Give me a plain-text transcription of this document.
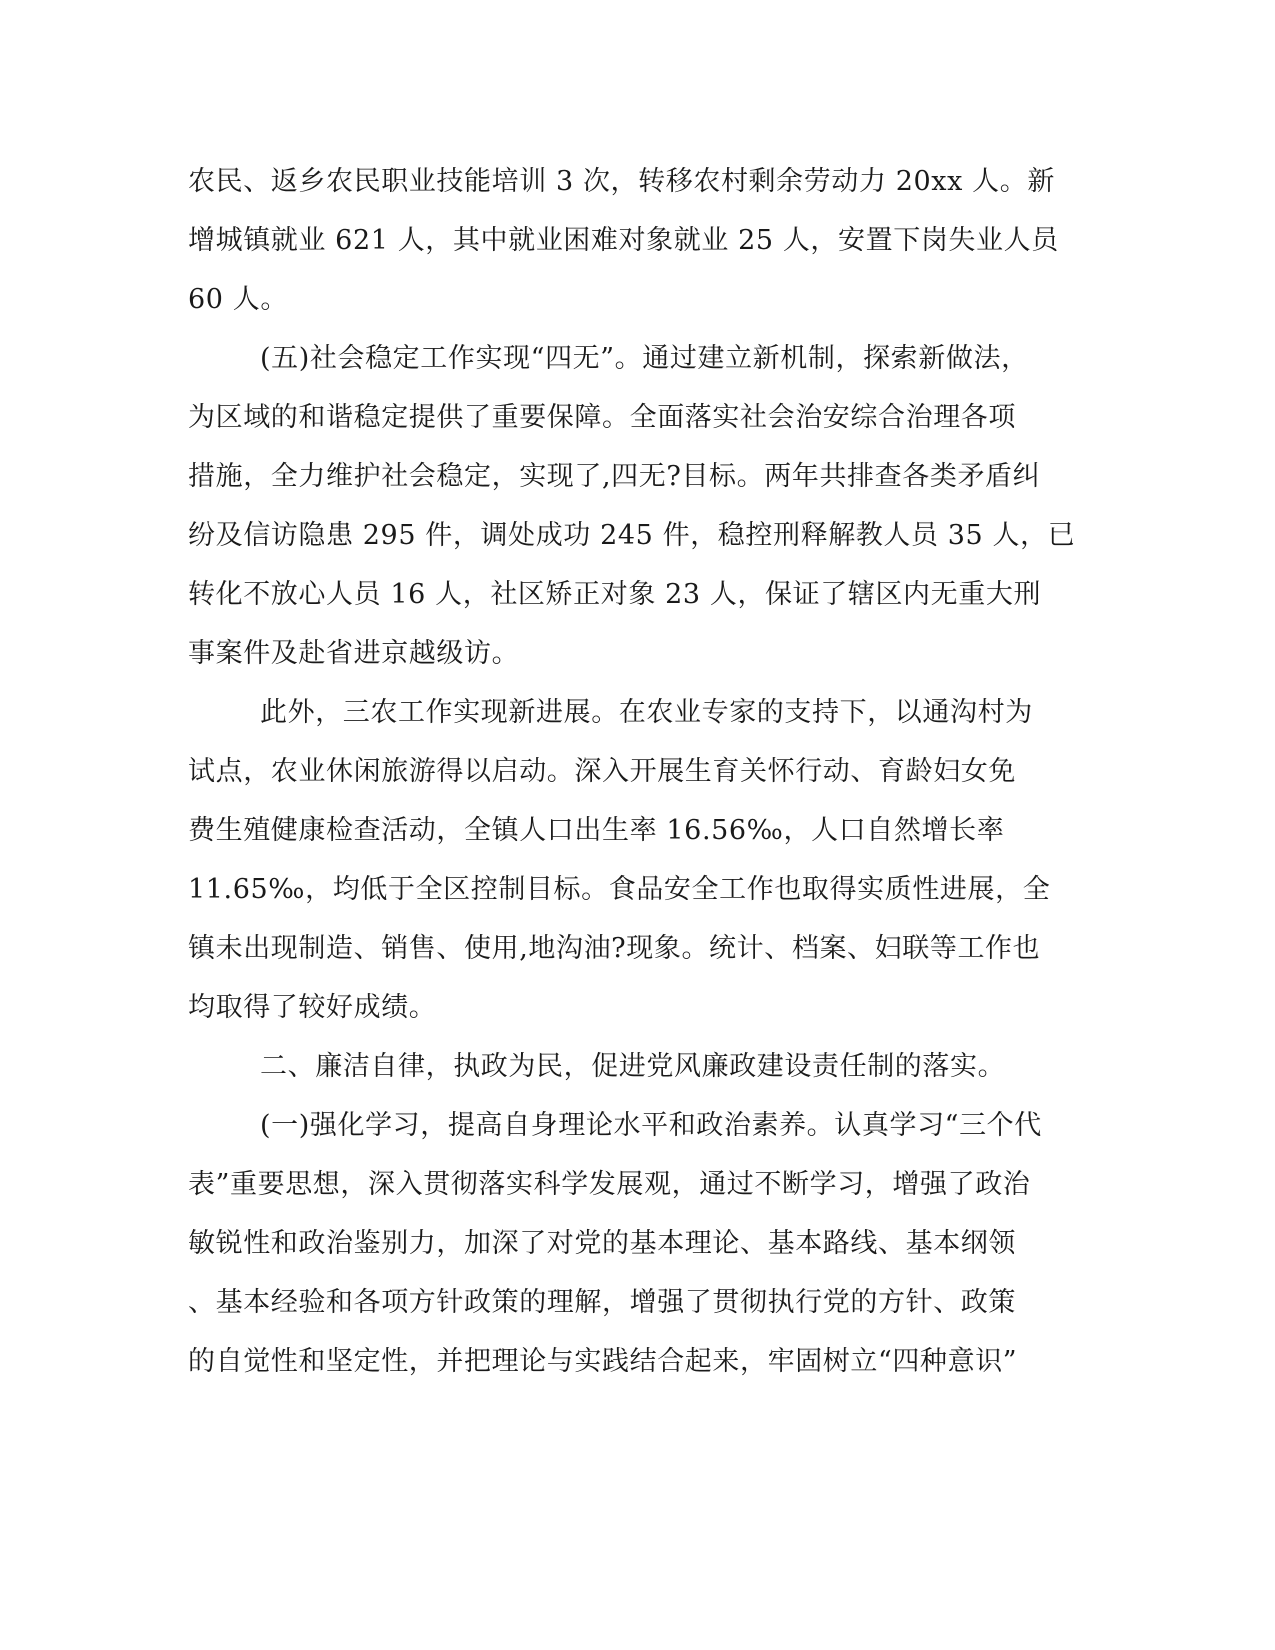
农民、返乡农民职业技能培训 3 次，转移农村剩余劳动力 20xx 人。新
增城镇就业 621 人，其中就业困难对象就业 25 人，安置下岗失业人员
60 人。
(五)社会稳定工作实现“四无”。通过建立新机制，探索新做法，
为区域的和谐稳定提供了重要保障。全面落实社会治安综合治理各项
措施，全力维护社会稳定，实现了,四无?目标。两年共排查各类矛盾纠
纷及信访隐患 295 件，调处成功 245 件，稳控刑释解教人员 35 人，已
转化不放心人员 16 人，社区矫正对象 23 人，保证了辖区内无重大刑
事案件及赴省进京越级访。
此外，三农工作实现新进展。在农业专家的支持下，以通沟村为
试点，农业休闲旅游得以启动。深入开展生育关怀行动、育龄妇女免
费生殖健康检查活动，全镇人口出生率 16.56‰，人口自然增长率
11.65‰，均低于全区控制目标。食品安全工作也取得实质性进展，全
镇未出现制造、销售、使用,地沟油?现象。统计、档案、妇联等工作也
均取得了较好成绩。
二、廉洁自律，执政为民，促进党风廉政建设责任制的落实。
(一)强化学习，提高自身理论水平和政治素养。认真学习“三个代
表”重要思想，深入贯彻落实科学发展观，通过不断学习，增强了政治
敏锐性和政治鉴别力，加深了对党的基本理论、基本路线、基本纲领
、基本经验和各项方针政策的理解，增强了贯彻执行党的方针、政策
的自觉性和坚定性，并把理论与实践结合起来，牢固树立“四种意识”
